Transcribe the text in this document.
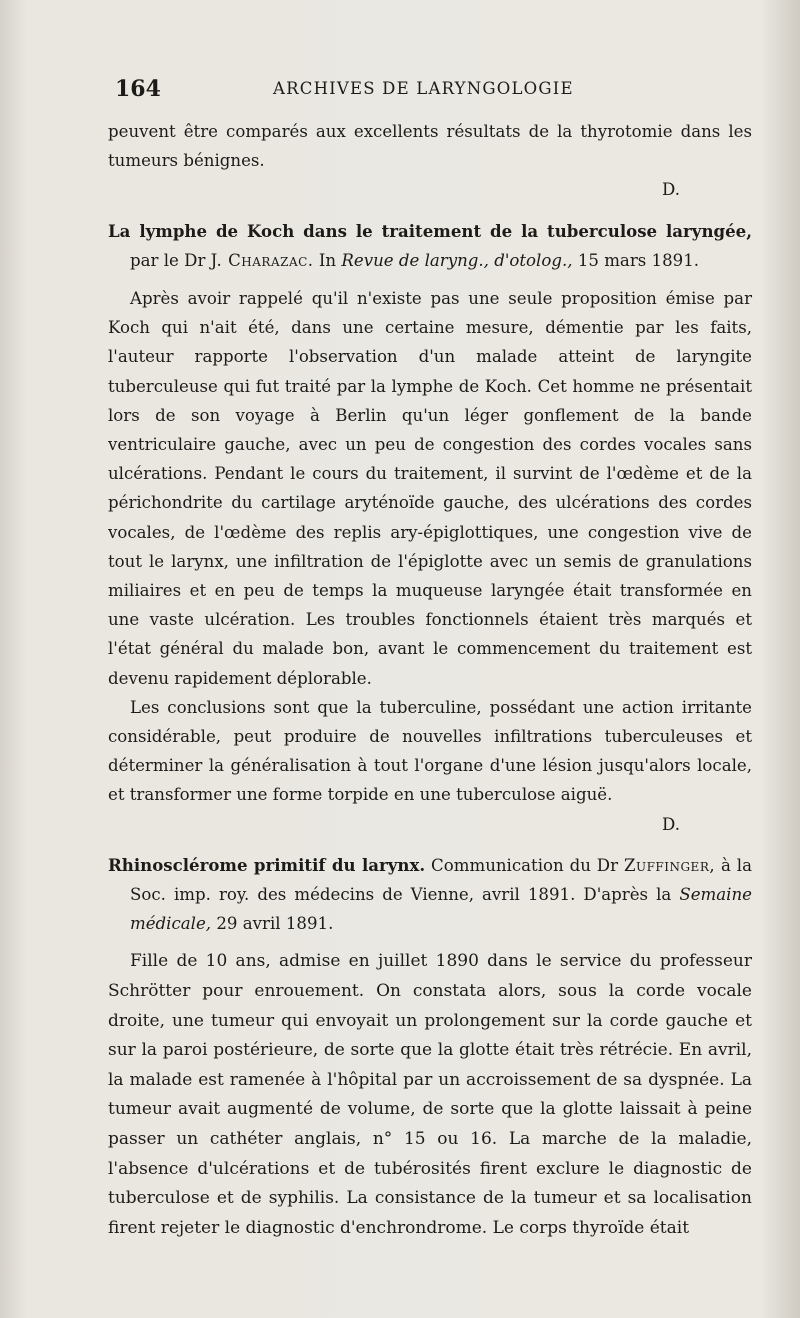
164	ARCHIVES DE LARYNGOLOGIE

peuvent être comparés aux excellents résultats de la thyrotomie dans les tumeurs bénignes.

D.

La lymphe de Koch dans le traitement de la tuberculose laryngée, par le Dr J. Charazac. In Revue de laryng., d'otolog., 15 mars 1891.

Après avoir rappelé qu'il n'existe pas une seule proposition émise par Koch qui n'ait été, dans une certaine mesure, démentie par les faits, l'auteur rapporte l'observation d'un malade atteint de laryngite tuberculeuse qui fut traité par la lymphe de Koch. Cet homme ne présentait lors de son voyage à Berlin qu'un léger gonflement de la bande ventriculaire gauche, avec un peu de congestion des cordes vocales sans ulcérations. Pendant le cours du traitement, il survint de l'œdème et de la périchondrite du cartilage aryténoïde gauche, des ulcérations des cordes vocales, de l'œdème des replis ary-épiglottiques, une congestion vive de tout le larynx, une infiltration de l'épiglotte avec un semis de granulations miliaires et en peu de temps la muqueuse laryngée était transformée en une vaste ulcération. Les troubles fonctionnels étaient très marqués et l'état général du malade bon, avant le commencement du traitement est devenu rapidement déplorable.

Les conclusions sont que la tuberculine, possédant une action irritante considérable, peut produire de nouvelles infiltrations tuberculeuses et déterminer la généralisation à tout l'organe d'une lésion jusqu'alors locale, et transformer une forme torpide en une tuberculose aiguë.

D.

Rhinosclérome primitif du larynx. Communication du Dr Zuffinger, à la Soc. imp. roy. des médecins de Vienne, avril 1891. D'après la Semaine médicale, 29 avril 1891.

Fille de 10 ans, admise en juillet 1890 dans le service du professeur Schrötter pour enrouement. On constata alors, sous la corde vocale droite, une tumeur qui envoyait un prolongement sur la corde gauche et sur la paroi postérieure, de sorte que la glotte était très rétrécie. En avril, la malade est ramenée à l'hôpital par un accroissement de sa dyspnée. La tumeur avait augmenté de volume, de sorte que la glotte laissait à peine passer un cathéter anglais, n° 15 ou 16. La marche de la maladie, l'absence d'ulcérations et de tubérosités firent exclure le diagnostic de tuberculose et de syphilis. La consistance de la tumeur et sa localisation firent rejeter le diagnostic d'enchrondrome. Le corps thyroïde était
